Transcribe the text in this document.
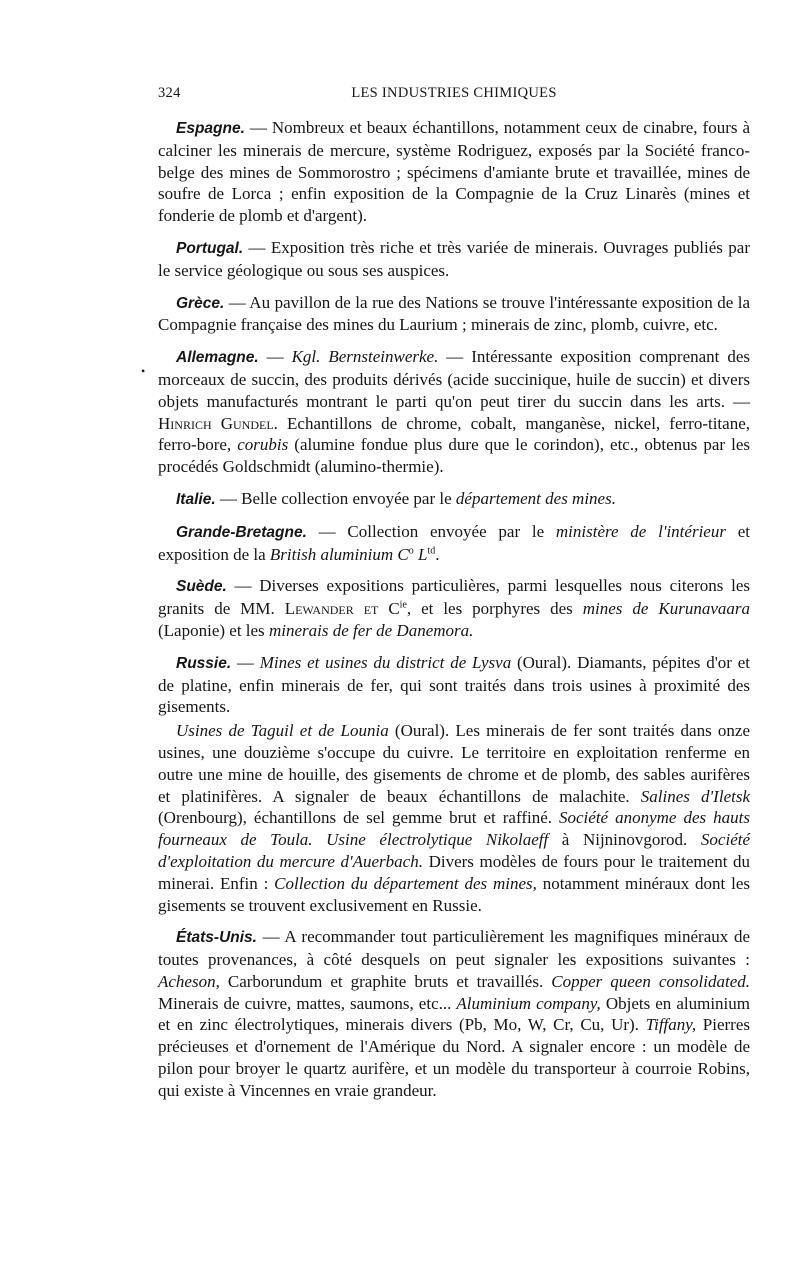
324	LES INDUSTRIES CHIMIQUES
•

Espagne. — Nombreux et beaux échantillons, notamment ceux de cinabre, fours à calciner les minerais de mercure, système Rodriguez, exposés par la Société franco-belge des mines de Sommorostro ; spécimens d'amiante brute et travaillée, mines de soufre de Lorca ; enfin exposition de la Compagnie de la Cruz Linarès (mines et fonderie de plomb et d'argent).

Portugal. — Exposition très riche et très variée de minerais. Ouvrages publiés par le service géologique ou sous ses auspices.

Grèce. — Au pavillon de la rue des Nations se trouve l'intéressante exposition de la Compagnie française des mines du Laurium ; minerais de zinc, plomb, cuivre, etc.

Allemagne. — Kgl. Bernsteinwerke. — Intéressante exposition comprenant des morceaux de succin, des produits dérivés (acide succinique, huile de succin) et divers objets manufacturés montrant le parti qu'on peut tirer du succin dans les arts. — Hinrich Gundel. Echantillons de chrome, cobalt, manganèse, nickel, ferro-titane, ferro-bore, corubis (alumine fondue plus dure que le corindon), etc., obtenus par les procédés Goldschmidt (alumino-thermie).

Italie. — Belle collection envoyée par le département des mines.

Grande-Bretagne. — Collection envoyée par le ministère de l'intérieur et exposition de la British aluminium $C^o$ $L^{td}$.

Suède. — Diverses expositions particulières, parmi lesquelles nous citerons les granits de MM. Lewander et $C^{ie}$, et les porphyres des mines de Kurunavaara (Laponie) et les minerais de fer de Danemora.

Russie. — Mines et usines du district de Lysva (Oural). Diamants, pépites d'or et de platine, enfin minerais de fer, qui sont traités dans trois usines à proximité des gisements.

Usines de Taguil et de Lounia (Oural). Les minerais de fer sont traités dans onze usines, une douzième s'occupe du cuivre. Le territoire en exploitation renferme en outre une mine de houille, des gisements de chrome et de plomb, des sables aurifères et platinifères. A signaler de beaux échantillons de malachite. Salines d'Iletsk (Orenbourg), échantillons de sel gemme brut et raffiné. Société anonyme des hauts fourneaux de Toula. Usine électrolytique Nikolaeff à Nijninovgorod. Société d'exploitation du mercure d'Auerbach. Divers modèles de fours pour le traitement du minerai. Enfin : Collection du département des mines, notamment minéraux dont les gisements se trouvent exclusivement en Russie.

États-Unis. — A recommander tout particulièrement les magnifiques minéraux de toutes provenances, à côté desquels on peut signaler les expositions suivantes : Acheson, Carborundum et graphite bruts et travaillés. Copper queen consolidated. Minerais de cuivre, mattes, saumons, etc... Aluminium company, Objets en aluminium et en zinc électrolytiques, minerais divers (Pb, Mo, W, Cr, Cu, Ur). Tiffany, Pierres précieuses et d'ornement de l'Amérique du Nord. A signaler encore : un modèle de pilon pour broyer le quartz aurifère, et un modèle du transporteur à courroie Robins, qui existe à Vincennes en vraie grandeur.
